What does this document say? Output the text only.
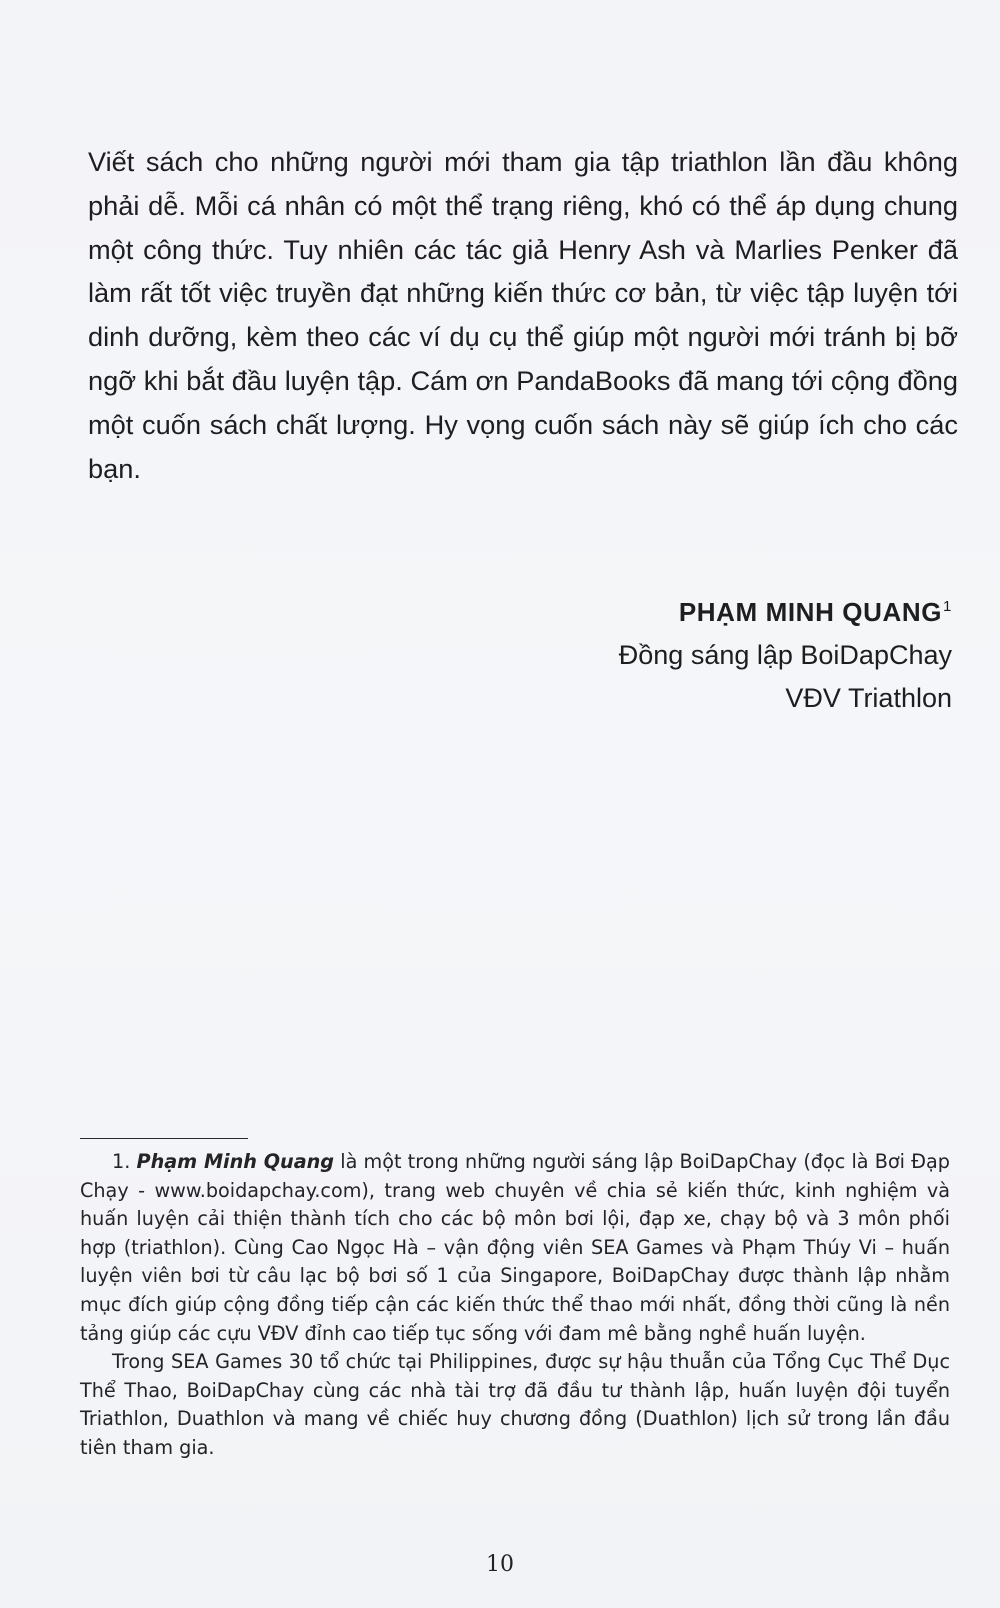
Viết sách cho những người mới tham gia tập triathlon lần đầu không phải dễ. Mỗi cá nhân có một thể trạng riêng, khó có thể áp dụng chung một công thức. Tuy nhiên các tác giả Henry Ash và Marlies Penker đã làm rất tốt việc truyền đạt những kiến thức cơ bản, từ việc tập luyện tới dinh dưỡng, kèm theo các ví dụ cụ thể giúp một người mới tránh bị bỡ ngỡ khi bắt đầu luyện tập. Cám ơn PandaBooks đã mang tới cộng đồng một cuốn sách chất lượng. Hy vọng cuốn sách này sẽ giúp ích cho các bạn.

PHẠM MINH QUANG$^1$
Đồng sáng lập BoiDapChay
VĐV Triathlon

1. Phạm Minh Quang là một trong những người sáng lập BoiDapChay (đọc là Bơi Đạp Chạy - www.boidapchay.com), trang web chuyên về chia sẻ kiến thức, kinh nghiệm và huấn luyện cải thiện thành tích cho các bộ môn bơi lội, đạp xe, chạy bộ và 3 môn phối hợp (triathlon). Cùng Cao Ngọc Hà – vận động viên SEA Games và Phạm Thúy Vi – huấn luyện viên bơi từ câu lạc bộ bơi số 1 của Singapore, BoiDapChay được thành lập nhằm mục đích giúp cộng đồng tiếp cận các kiến thức thể thao mới nhất, đồng thời cũng là nền tảng giúp các cựu VĐV đỉnh cao tiếp tục sống với đam mê bằng nghề huấn luyện.

Trong SEA Games 30 tổ chức tại Philippines, được sự hậu thuẫn của Tổng Cục Thể Dục Thể Thao, BoiDapChay cùng các nhà tài trợ đã đầu tư thành lập, huấn luyện đội tuyển Triathlon, Duathlon và mang về chiếc huy chương đồng (Duathlon) lịch sử trong lần đầu tiên tham gia.

10
